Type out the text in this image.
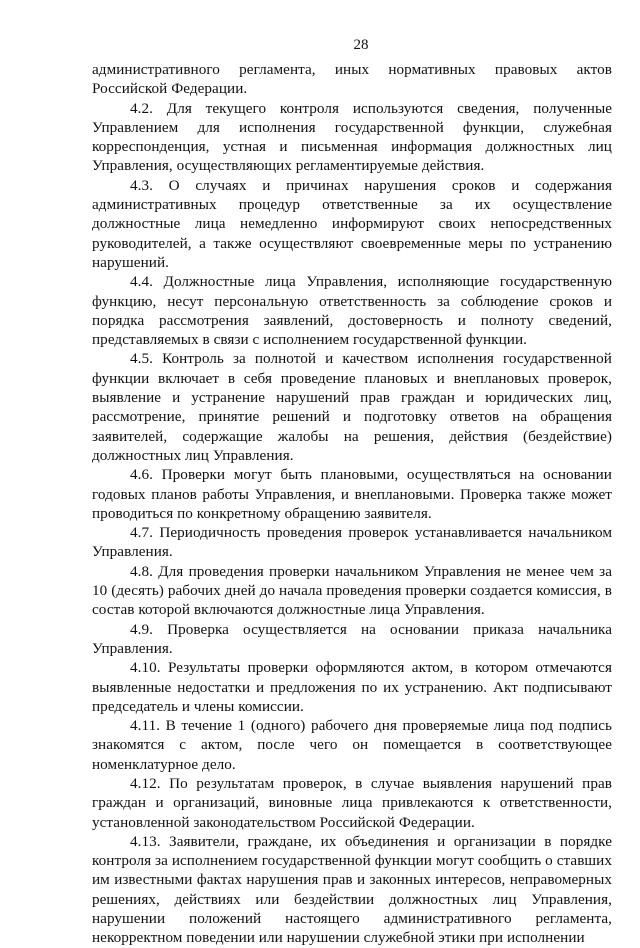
28

административного регламента, иных нормативных правовых актов Российской Федерации.

4.2. Для текущего контроля используются сведения, полученные Управлением для исполнения государственной функции, служебная корреспонденция, устная и письменная информация должностных лиц Управления, осуществляющих регламентируемые действия.

4.3. О случаях и причинах нарушения сроков и содержания административных процедур ответственные за их осуществление должностные лица немедленно информируют своих непосредственных руководителей, а также осуществляют своевременные меры по устранению нарушений.

4.4. Должностные лица Управления, исполняющие государственную функцию, несут персональную ответственность за соблюдение сроков и порядка рассмотрения заявлений, достоверность и полноту сведений, представляемых в связи с исполнением государственной функции.

4.5. Контроль за полнотой и качеством исполнения государственной функции включает в себя проведение плановых и внеплановых проверок, выявление и устранение нарушений прав граждан и юридических лиц, рассмотрение, принятие решений и подготовку ответов на обращения заявителей, содержащие жалобы на решения, действия (бездействие) должностных лиц Управления.

4.6. Проверки могут быть плановыми, осуществляться на основании годовых планов работы Управления, и внеплановыми. Проверка также может проводиться по конкретному обращению заявителя.

4.7. Периодичность проведения проверок устанавливается начальником Управления.

4.8. Для проведения проверки начальником Управления не менее чем за 10 (десять) рабочих дней до начала проведения проверки создается комиссия, в состав которой включаются должностные лица Управления.

4.9. Проверка осуществляется на основании приказа начальника Управления.

4.10. Результаты проверки оформляются актом, в котором отмечаются выявленные недостатки и предложения по их устранению. Акт подписывают председатель и члены комиссии.

4.11. В течение 1 (одного) рабочего дня проверяемые лица под подпись знакомятся с актом, после чего он помещается в соответствующее номенклатурное дело.

4.12. По результатам проверок, в случае выявления нарушений прав граждан и организаций, виновные лица привлекаются к ответственности, установленной законодательством Российской Федерации.

4.13. Заявители, граждане, их объединения и организации в порядке контроля за исполнением государственной функции могут сообщить о ставших им известными фактах нарушения прав и законных интересов, неправомерных решениях, действиях или бездействии должностных лиц Управления, нарушении положений настоящего административного регламента, некорректном поведении или нарушении служебной этики при исполнении
